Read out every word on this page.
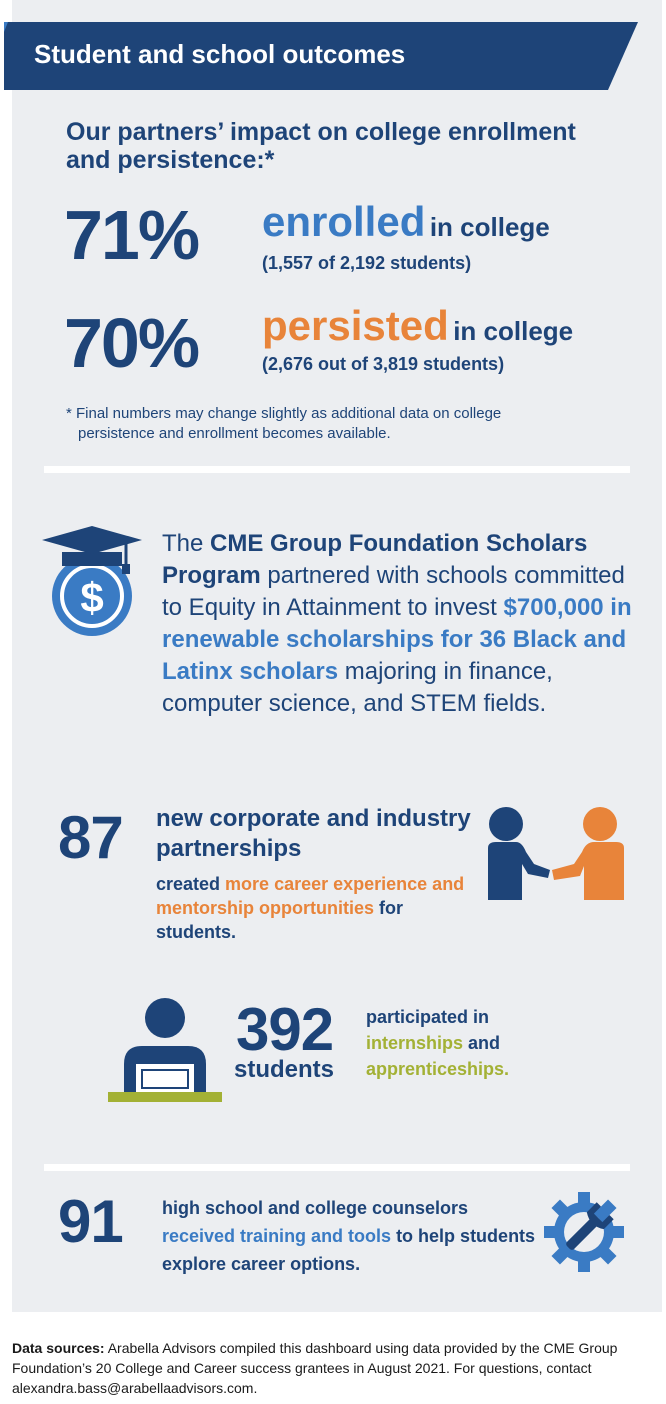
Student and school outcomes
Our partners’ impact on college enrollment and persistence:*
71% enrolled in college
(1,557 of 2,192 students)
70% persisted in college
(2,676 out of 3,819 students)
* Final numbers may change slightly as additional data on college
persistence and enrollment becomes available.
$
The CME Group Foundation Scholars Program partnered with schools committed to Equity in Attainment to invest $700,000 in renewable scholarships for 36 Black and Latinx scholars majoring in finance, computer science, and STEM fields.
87 new corporate and industry partnerships
created more career experience and mentorship opportunities for students.
392
students
participated in
internships and
apprenticeships.
91 high school and college counselors received training and tools to help students explore career options.
Data sources: Arabella Advisors compiled this dashboard using data provided by the CME Group Foundation’s 20 College and Career success grantees in August 2021. For questions, contact alexandra.bass@arabellaadvisors.com.
